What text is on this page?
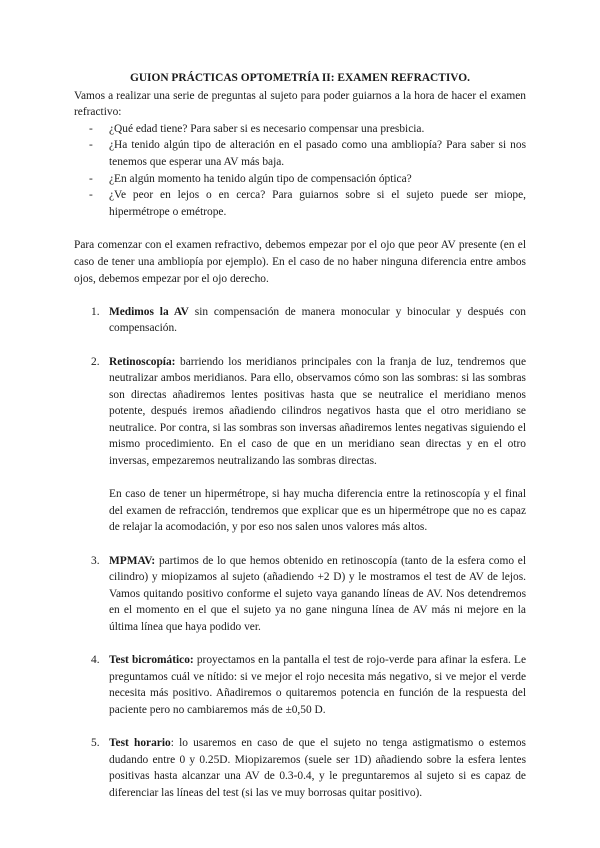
GUION PRÁCTICAS OPTOMETRÍA II: EXAMEN REFRACTIVO.

Vamos a realizar una serie de preguntas al sujeto para poder guiarnos a la hora de hacer el examen refractivo:

- ¿Qué edad tiene? Para saber si es necesario compensar una presbicia.
- ¿Ha tenido algún tipo de alteración en el pasado como una ambliopía? Para saber si nos tenemos que esperar una AV más baja.
- ¿En algún momento ha tenido algún tipo de compensación óptica?
- ¿Ve peor en lejos o en cerca? Para guiarnos sobre si el sujeto puede ser miope, hipermétrope o emétrope.

Para comenzar con el examen refractivo, debemos empezar por el ojo que peor AV presente (en el caso de tener una ambliopía por ejemplo). En el caso de no haber ninguna diferencia entre ambos ojos, debemos empezar por el ojo derecho.

1. Medimos la AV sin compensación de manera monocular y binocular y después con compensación.
2. Retinoscopía: barriendo los meridianos principales con la franja de luz, tendremos que neutralizar ambos meridianos. Para ello, observamos cómo son las sombras: si las sombras son directas añadiremos lentes positivas hasta que se neutralice el meridiano menos potente, después iremos añadiendo cilindros negativos hasta que el otro meridiano se neutralice. Por contra, si las sombras son inversas añadiremos lentes negativas siguiendo el mismo procedimiento. En el caso de que en un meridiano sean directas y en el otro inversas, empezaremos neutralizando las sombras directas.

En caso de tener un hipermétrope, si hay mucha diferencia entre la retinoscopía y el final del examen de refracción, tendremos que explicar que es un hipermétrope que no es capaz de relajar la acomodación, y por eso nos salen unos valores más altos.

3. MPMAV: partimos de lo que hemos obtenido en retinoscopía (tanto de la esfera como el cilindro) y miopizamos al sujeto (añadiendo +2 D) y le mostramos el test de AV de lejos. Vamos quitando positivo conforme el sujeto vaya ganando líneas de AV. Nos detendremos en el momento en el que el sujeto ya no gane ninguna línea de AV más ni mejore en la última línea que haya podido ver.
4. Test bicromático: proyectamos en la pantalla el test de rojo-verde para afinar la esfera. Le preguntamos cuál ve nítido: si ve mejor el rojo necesita más negativo, si ve mejor el verde necesita más positivo. Añadiremos o quitaremos potencia en función de la respuesta del paciente pero no cambiaremos más de ±0,50 D.
5. Test horario: lo usaremos en caso de que el sujeto no tenga astigmatismo o estemos dudando entre 0 y 0.25D. Miopizaremos (suele ser 1D) añadiendo sobre la esfera lentes positivas hasta alcanzar una AV de 0.3-0.4, y le preguntaremos al sujeto si es capaz de diferenciar las líneas del test (si las ve muy borrosas quitar positivo).
